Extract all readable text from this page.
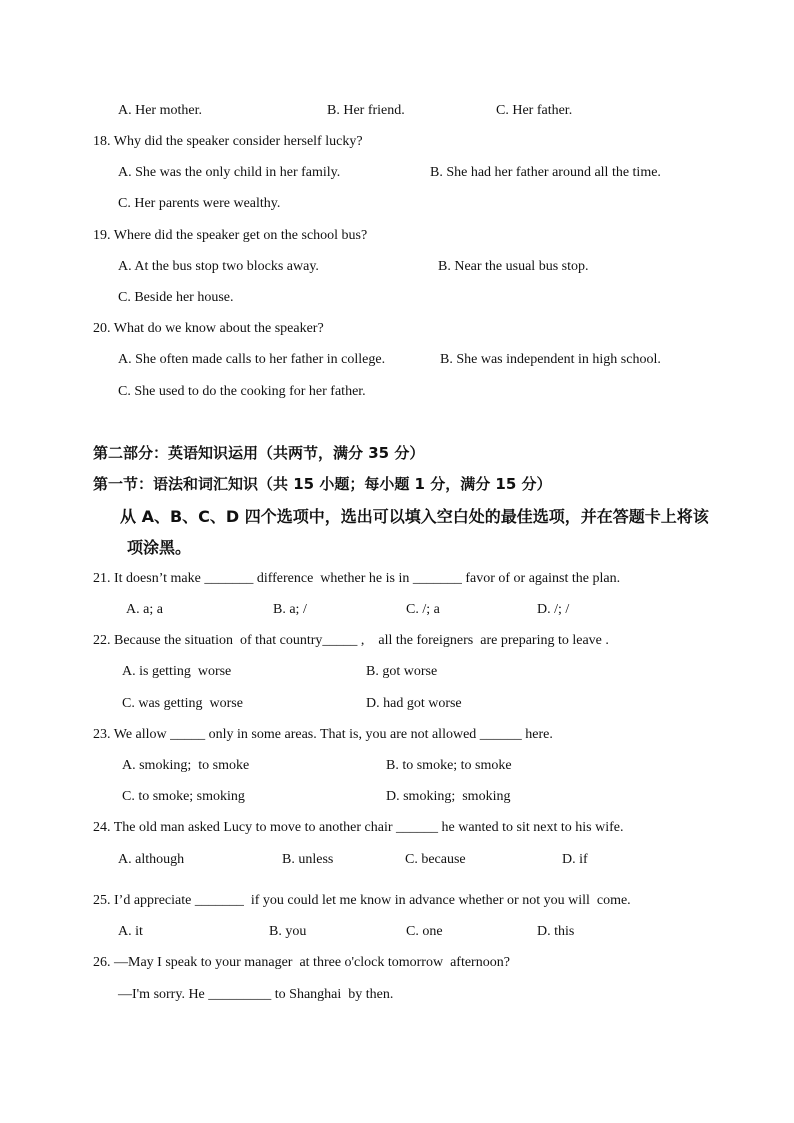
A. Her mother.	B. Her friend.	C. Her father.
18. Why did the speaker consider herself lucky?
A. She was the only child in her family.	B. She had her father around all the time.
C. Her parents were wealthy.
19. Where did the speaker get on the school bus?
A. At the bus stop two blocks away.	B. Near the usual bus stop.
C. Beside her house.
20. What do we know about the speaker?
A. She often made calls to her father in college.	B. She was independent in high school.
C. She used to do the cooking for her father.
第二部分：英语知识运用（共两节，满分 35 分）
第一节：语法和词汇知识（共 15 小题；每小题 1 分，满分 15 分）
从 A、B、C、D 四个选项中，选出可以填入空白处的最佳选项，并在答题卡上将该
项涂黑。
21. It doesn’t make _______ difference  whether he is in _______ favor of or against the plan.
A. a; a	B. a; /	C. /; a	D. /; /
22. Because the situation  of that country_____ ,    all the foreigners  are preparing to leave .
A. is getting  worse	B. got worse
C. was getting  worse	D. had got worse
23. We allow _____ only in some areas. That is, you are not allowed ______ here.
A. smoking;  to smoke	B. to smoke; to smoke
C. to smoke; smoking	D. smoking;  smoking
24. The old man asked Lucy to move to another chair ______ he wanted to sit next to his wife.
A. although	B. unless	C. because	D. if
25. I’d appreciate _______  if you could let me know in advance whether or not you will  come.
A. it	B. you	C. one	D. this
26. —May I speak to your manager  at three o'clock tomorrow  afternoon?
—I'm sorry. He _________ to Shanghai  by then.
